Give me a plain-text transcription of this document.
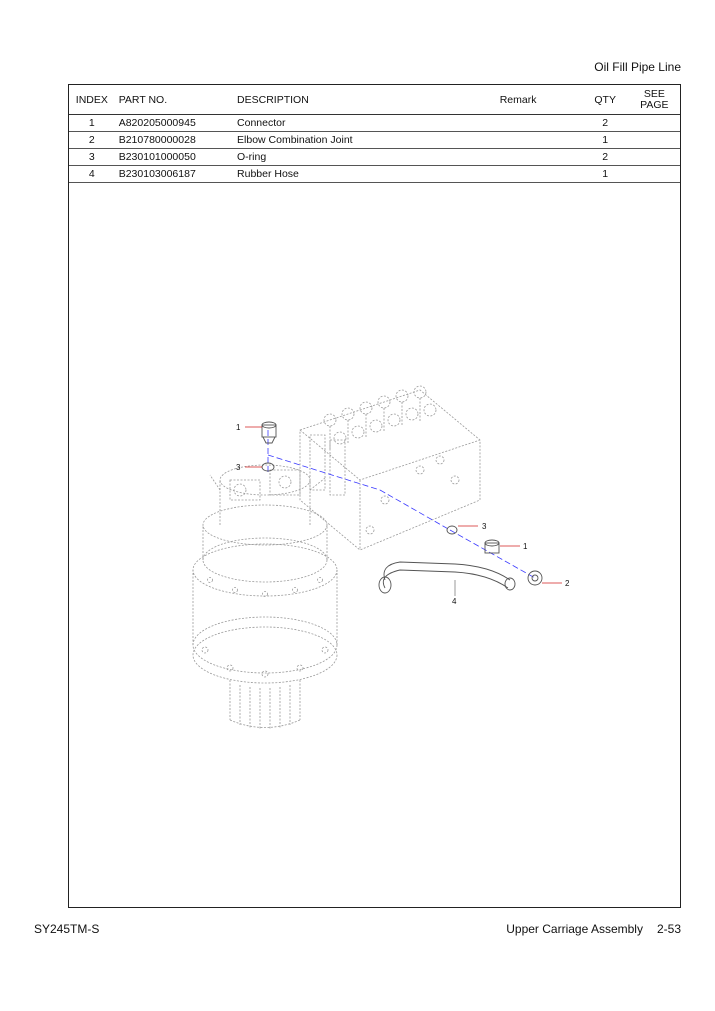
Oil Fill Pipe Line
INDEX	PART NO.	DESCRIPTION	Remark	QTY	SEE
PAGE

1	A820205000945	Connector		2	
2	B210780000028	Elbow Combination Joint		1	
3	B230101000050	O-ring		2	
4	B230103006187	Rubber Hose		1	
1
3
3
1
2
4
SY245TM-S	Upper Carriage Assembly 2-53
